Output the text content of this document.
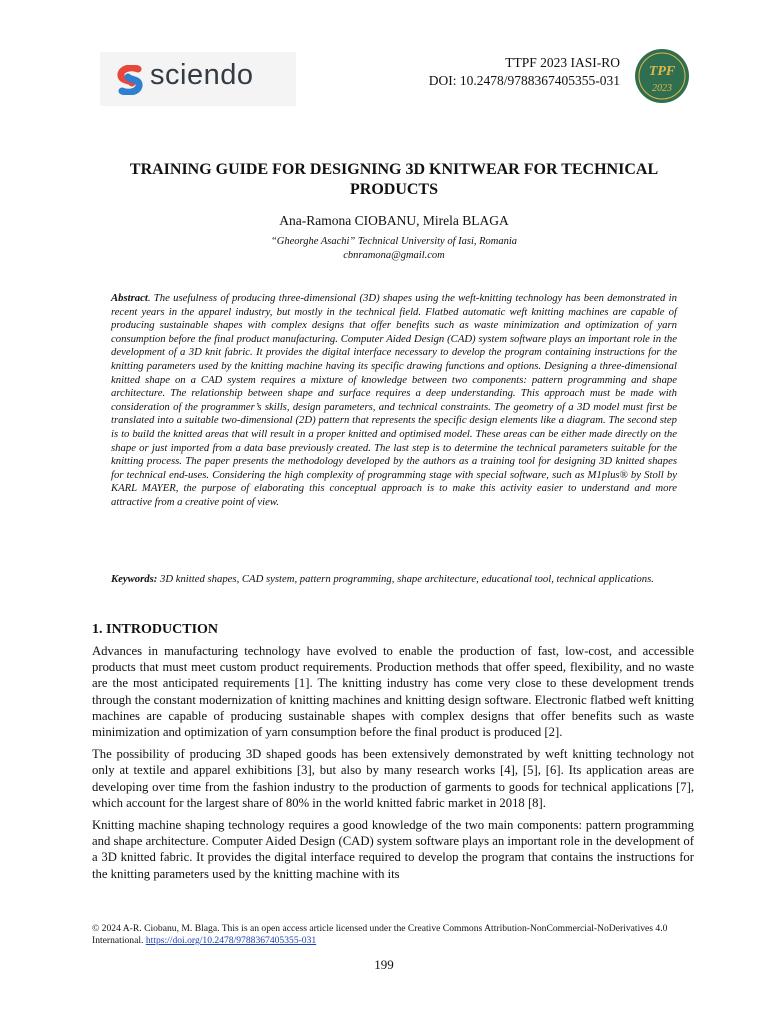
sciendo	TTPF 2023 IASI-RO
DOI: 10.2478/9788367405355-031
TPF
2023
TRAINING GUIDE FOR DESIGNING 3D KNITWEAR FOR TECHNICAL
PRODUCTS
Ana-Ramona CIOBANU, Mirela BLAGA
“Gheorghe Asachi” Technical University of Iasi, Romania
cbnramona@gmail.com

Abstract. The usefulness of producing three-dimensional (3D) shapes using the weft-knitting technology has been demonstrated in recent years in the apparel industry, but mostly in the technical field. Flatbed automatic weft knitting machines are capable of producing sustainable shapes with complex designs that offer benefits such as waste minimization and optimization of yarn consumption before the final product manufacturing. Computer Aided Design (CAD) system software plays an important role in the development of a 3D knit fabric. It provides the digital interface necessary to develop the program containing instructions for the knitting parameters used by the knitting machine having its specific drawing functions and options. Designing a three-dimensional knitted shape on a CAD system requires a mixture of knowledge between two components: pattern programming and shape architecture. The relationship between shape and surface requires a deep understanding. This approach must be made with consideration of the programmer’s skills, design parameters, and technical constraints. The geometry of a 3D model must first be translated into a suitable two-dimensional (2D) pattern that represents the specific design elements like a diagram. The second step is to build the knitted areas that will result in a proper knitted and optimised model. These areas can be either made directly on the shape or just imported from a data base previously created. The last step is to determine the technical parameters suitable for the knitting process. The paper presents the methodology developed by the authors as a training tool for designing 3D knitted shapes for technical end-uses. Considering the high complexity of programming stage with special software, such as M1plus® by Stoll by KARL MAYER, the purpose of elaborating this conceptual approach is to make this activity easier to understand and more attractive from a creative point of view.

Keywords: 3D knitted shapes, CAD system, pattern programming, shape architecture, educational tool, technical applications.

1. INTRODUCTION

Advances in manufacturing technology have evolved to enable the production of fast, low-cost, and accessible products that must meet custom product requirements. Production methods that offer speed, flexibility, and no waste are the most anticipated requirements [1]. The knitting industry has come very close to these development trends through the constant modernization of knitting machines and knitting design software. Electronic flatbed weft knitting machines are capable of producing sustainable shapes with complex designs that offer benefits such as waste minimization and optimization of yarn consumption before the final product is produced [2].

The possibility of producing 3D shaped goods has been extensively demonstrated by weft knitting technology not only at textile and apparel exhibitions [3], but also by many research works [4], [5], [6]. Its application areas are developing over time from the fashion industry to the production of garments to goods for technical applications [7], which account for the largest share of 80% in the world knitted fabric market in 2018 [8].

Knitting machine shaping technology requires a good knowledge of the two main components: pattern programming and shape architecture. Computer Aided Design (CAD) system software plays an important role in the development of a 3D knitted fabric. It provides the digital interface required to develop the program that contains the instructions for the knitting parameters used by the knitting machine with its

© 2024 A-R. Ciobanu, M. Blaga. This is an open access article licensed under the Creative Commons Attribution-NonCommercial-NoDerivatives 4.0 International. https://doi.org/10.2478/9788367405355-031
199
